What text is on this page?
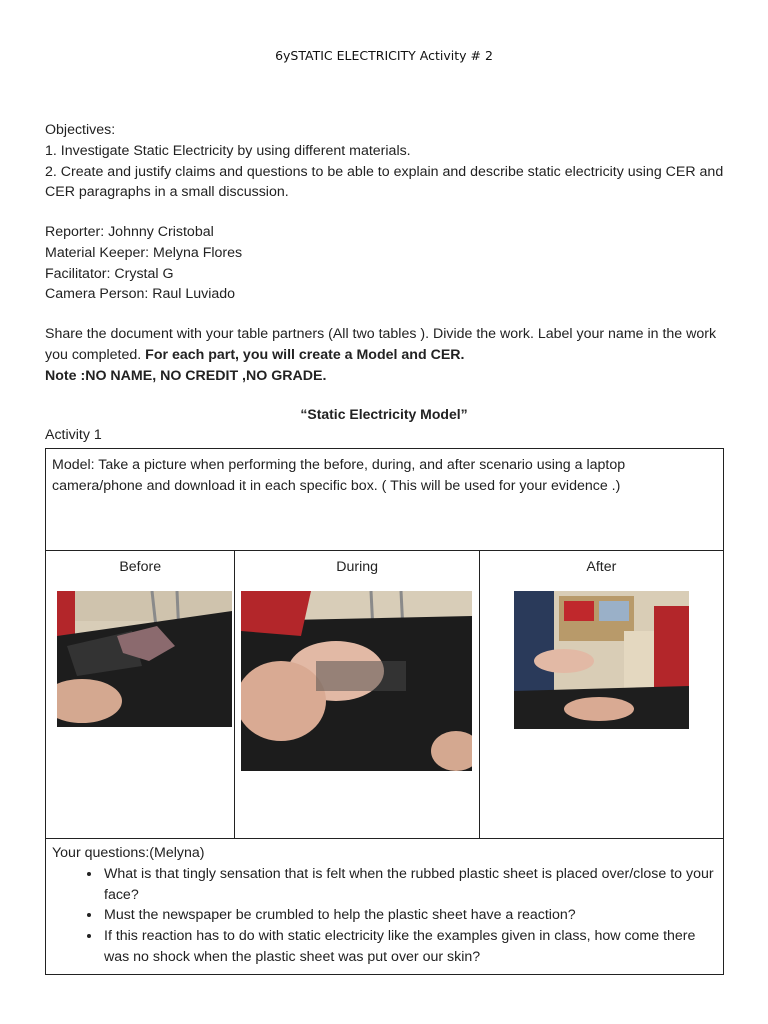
6ySTATIC ELECTRICITY Activity # 2
Objectives:
1. Investigate Static Electricity by using different materials.
2. Create and justify claims and questions to be able to explain and describe static electricity using CER and CER paragraphs in a small discussion.
Reporter: Johnny Cristobal
Material Keeper: Melyna Flores
Facilitator: Crystal G
Camera Person: Raul Luviado
Share the document with your table partners (All two tables ). Divide the work. Label your name in the work you completed. For each part, you will create a Model and CER.
Note :NO NAME, NO CREDIT ,NO GRADE.
“Static Electricity Model”
Activity 1
Model: Take a picture when performing the before, during, and after scenario using a laptop camera/phone and download it in each specific box. ( This will be used for your evidence .)

Before	During	After

Your questions:(Melyna)
• What is that tingly sensation that is felt when the rubbed plastic sheet is placed over/close to your face?
• Must the newspaper be crumbled to help the plastic sheet have a reaction?
• If this reaction has to do with static electricity like the examples given in class, how come there was no shock when the plastic sheet was put over our skin?
